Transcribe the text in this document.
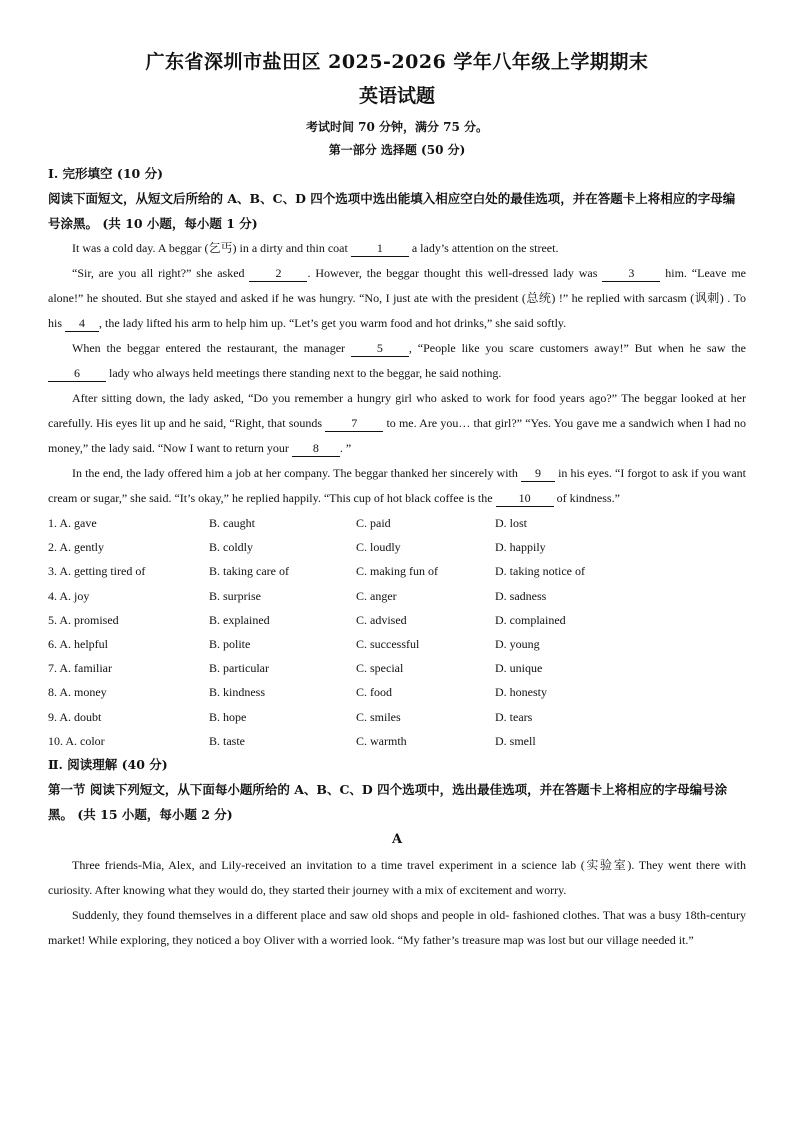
广东省深圳市盐田区 2025-2026 学年八年级上学期期末
英语试题
考试时间 70 分钟，满分 75 分。
第一部分 选择题 (50 分)
Ⅰ. 完形填空 (10 分)
阅读下面短文，从短文后所给的 A、B、C、D 四个选项中选出能填入相应空白处的最佳选项，并在答题卡上将相应的字母编号涂黑。 (共 10 小题，每小题 1 分)

It was a cold day. A beggar (乞丐) in a dirty and thin coat 1 a lady’s attention on the street.

“Sir, are you all right?” she asked 2 . However, the beggar thought this well-dressed lady was 3 him. “Leave me alone!” he shouted. But she stayed and asked if he was hungry. “No, I just ate with the president (总统) !” he replied with sarcasm (讽刺) . To his 4 , the lady lifted his arm to help him up. “Let’s get you warm food and hot drinks,” she said softly.

When the beggar entered the restaurant, the manager 5 , “People like you scare customers away!” But when he saw the 6 lady who always held meetings there standing next to the beggar, he said nothing.

After sitting down, the lady asked, “Do you remember a hungry girl who asked to work for food years ago?” The beggar looked at her carefully. His eyes lit up and he said, “Right, that sounds 7 to me. Are you… that girl?” “Yes. You gave me a sandwich when I had no money,” the lady said. “Now I want to return your 8 . ”

In the end, the lady offered him a job at her company. The beggar thanked her sincerely with 9 in his eyes. “I forgot to ask if you want cream or sugar,” she said. “It’s okay,” he replied happily. “This cup of hot black coffee is the 10 of kindness.”

1. A. gave	B. caught	C. paid	D. lost
2. A. gently	B. coldly	C. loudly	D. happily
3. A. getting tired of	B. taking care of	C. making fun of	D. taking notice of
4. A. joy	B. surprise	C. anger	D. sadness
5. A. promised	B. explained	C. advised	D. complained
6. A. helpful	B. polite	C. successful	D. young
7. A. familiar	B. particular	C. special	D. unique
8. A. money	B. kindness	C. food	D. honesty
9. A. doubt	B. hope	C. smiles	D. tears
10. A. color	B. taste	C. warmth	D. smell
Ⅱ. 阅读理解 (40 分)
第一节 阅读下列短文，从下面每小题所给的 A、B、C、D 四个选项中，选出最佳选项，并在答题卡上将相应的字母编号涂黑。 (共 15 小题，每小题 2 分)
A

Three friends-Mia, Alex, and Lily-received an invitation to a time travel experiment in a science lab (实验室). They went there with curiosity. After knowing what they would do, they started their journey with a mix of excitement and worry.

Suddenly, they found themselves in a different place and saw old shops and people in old- fashioned clothes. That was a busy 18th-century market! While exploring, they noticed a boy Oliver with a worried look. “My father’s treasure map was lost but our village needed it.”
